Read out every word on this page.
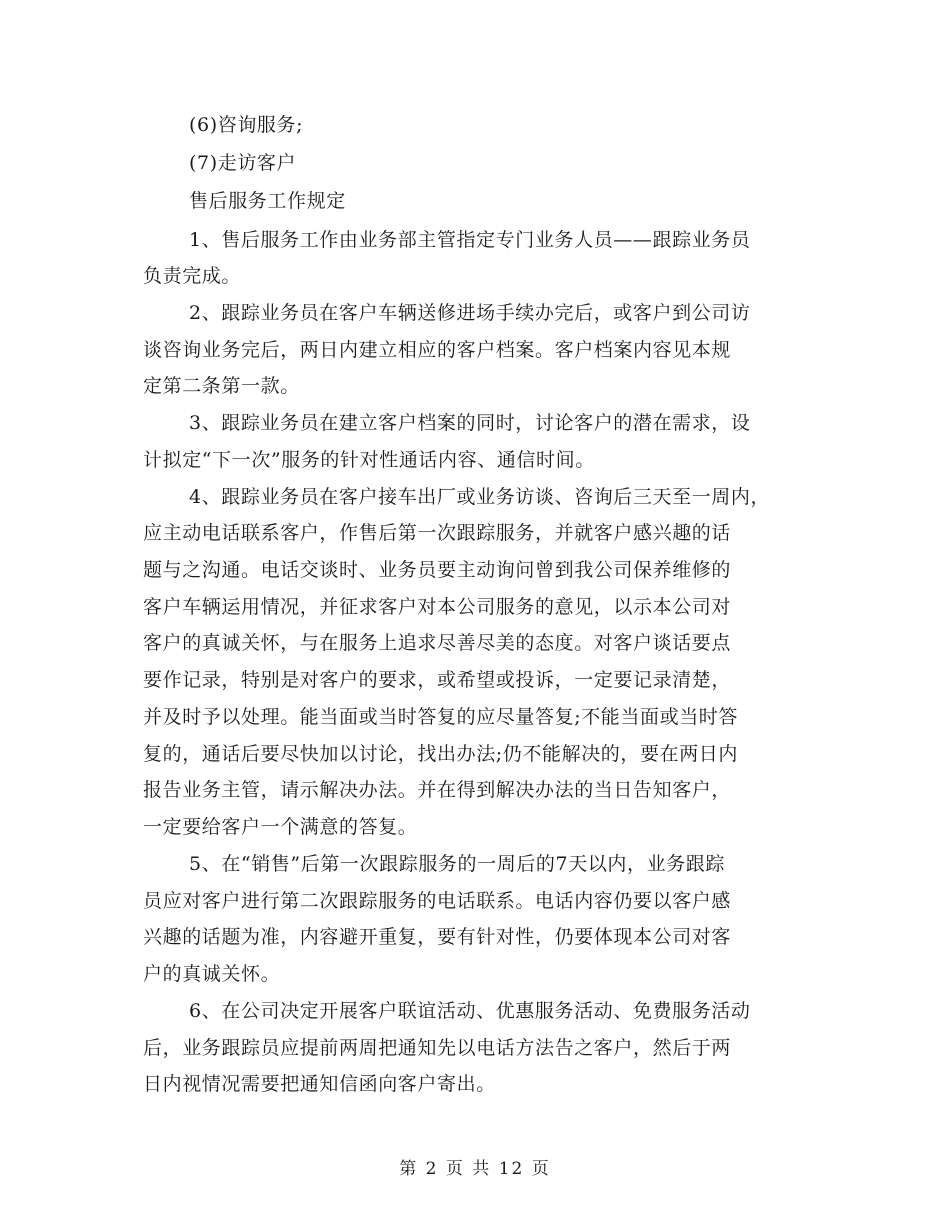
(6)咨询服务;
(7)走访客户
售后服务工作规定
1、售后服务工作由业务部主管指定专门业务人员——跟踪业务员
负责完成。
2、跟踪业务员在客户车辆送修进场手续办完后，或客户到公司访
谈咨询业务完后，两日内建立相应的客户档案。客户档案内容见本规
定第二条第一款。
3、跟踪业务员在建立客户档案的同时，讨论客户的潜在需求，设
计拟定“下一次”服务的针对性通话内容、通信时间。
4、跟踪业务员在客户接车出厂或业务访谈、咨询后三天至一周内，
应主动电话联系客户，作售后第一次跟踪服务，并就客户感兴趣的话
题与之沟通。电话交谈时、业务员要主动询问曾到我公司保养维修的
客户车辆运用情况，并征求客户对本公司服务的意见，以示本公司对
客户的真诚关怀，与在服务上追求尽善尽美的态度。对客户谈话要点
要作记录，特别是对客户的要求，或希望或投诉，一定要记录清楚，
并及时予以处理。能当面或当时答复的应尽量答复;不能当面或当时答
复的，通话后要尽快加以讨论，找出办法;仍不能解决的，要在两日内
报告业务主管，请示解决办法。并在得到解决办法的当日告知客户，
一定要给客户一个满意的答复。
5、在“销售”后第一次跟踪服务的一周后的7天以内，业务跟踪
员应对客户进行第二次跟踪服务的电话联系。电话内容仍要以客户感
兴趣的话题为准，内容避开重复，要有针对性，仍要体现本公司对客
户的真诚关怀。
6、在公司决定开展客户联谊活动、优惠服务活动、免费服务活动
后，业务跟踪员应提前两周把通知先以电话方法告之客户，然后于两
日内视情况需要把通知信函向客户寄出。
第 2 页 共 12 页
